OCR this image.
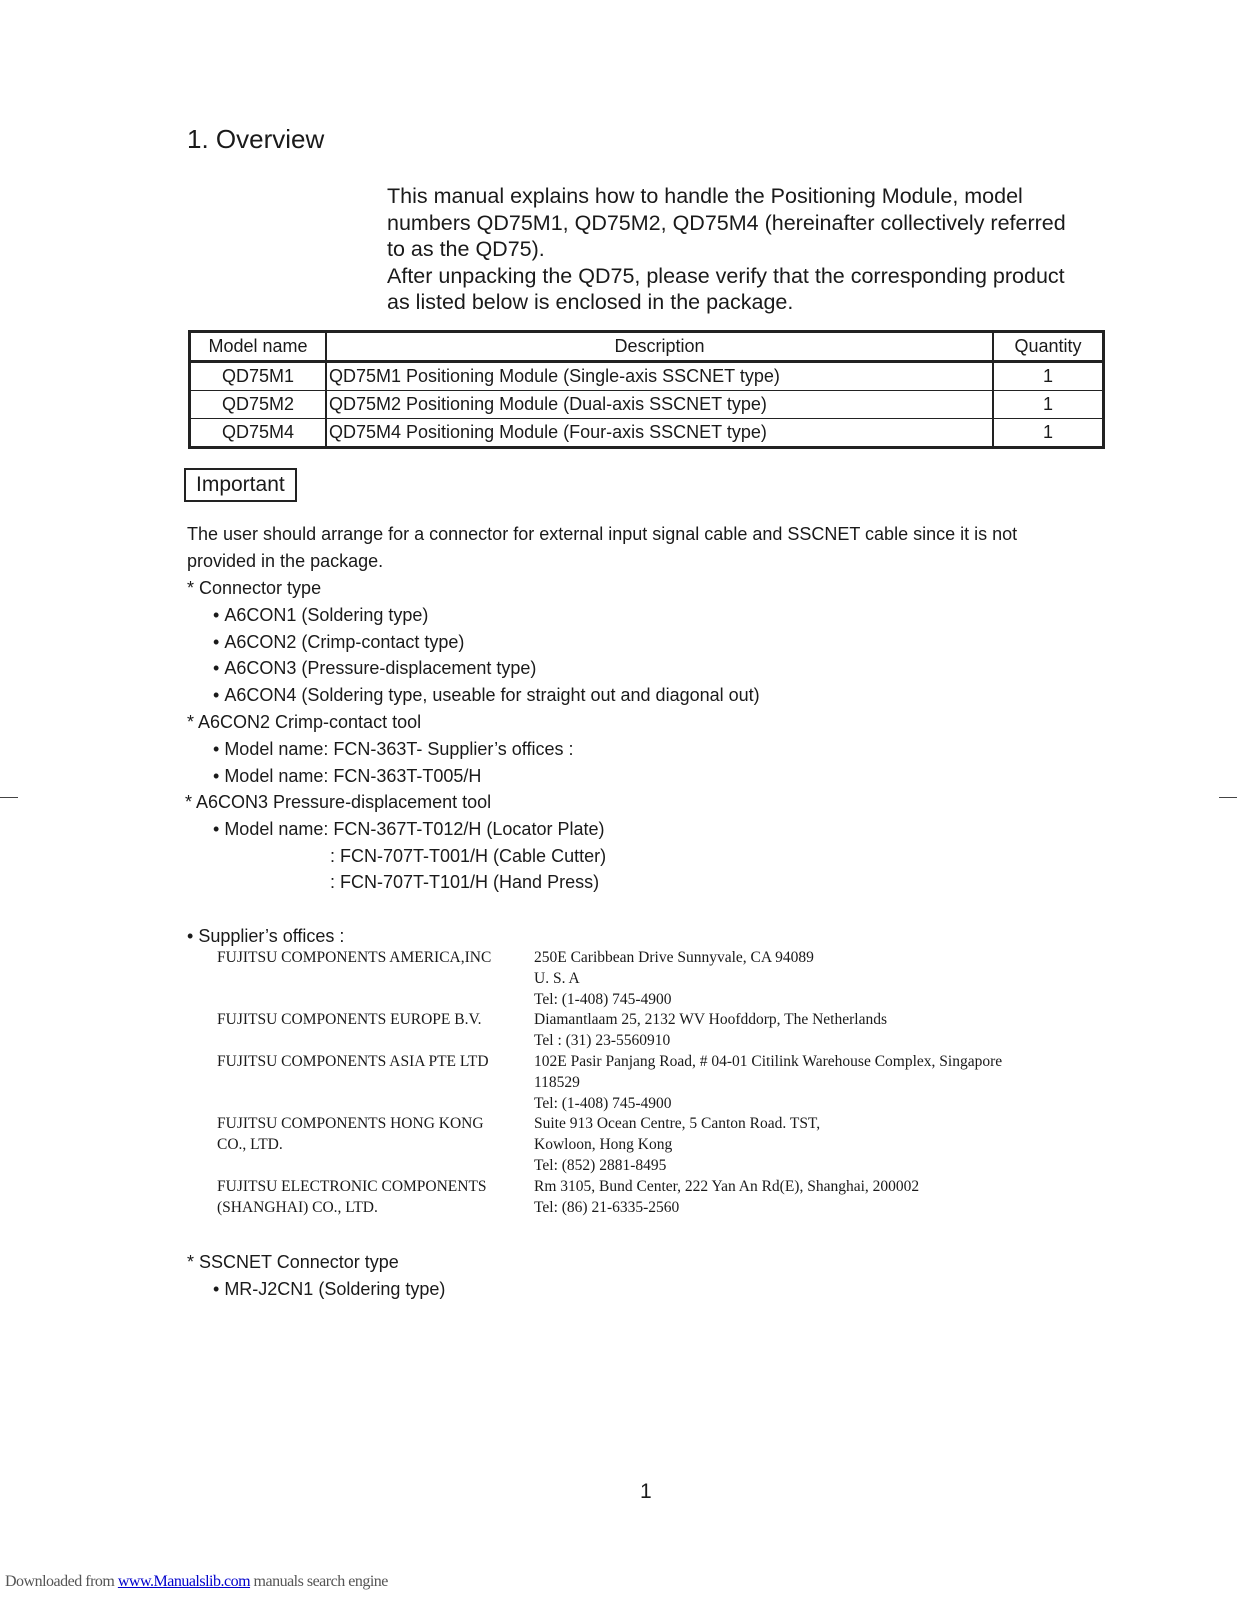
1. Overview
This manual explains how to handle the Positioning Module, model
numbers QD75M1, QD75M2, QD75M4 (hereinafter collectively referred
to as the QD75).
After unpacking the QD75, please verify that the corresponding product
as listed below is enclosed in the package.
Model name	Description	Quantity
QD75M1	QD75M1 Positioning Module (Single-axis SSCNET type)	1
QD75M2	QD75M2 Positioning Module (Dual-axis SSCNET type)	1
QD75M4	QD75M4 Positioning Module (Four-axis SSCNET type)	1
Important
The user should arrange for a connector for external input signal cable and SSCNET cable since it is not
provided in the package.
* Connector type
• A6CON1 (Soldering type)
• A6CON2 (Crimp-contact type)
• A6CON3 (Pressure-displacement type)
• A6CON4 (Soldering type, useable for straight out and diagonal out)
* A6CON2 Crimp-contact tool
• Model name: FCN-363T- Supplier’s offices :
• Model name: FCN-363T-T005/H
* A6CON3 Pressure-displacement tool
• Model name: FCN-367T-T012/H (Locator Plate)
: FCN-707T-T001/H (Cable Cutter)
: FCN-707T-T101/H (Hand Press)
• Supplier’s offices :
FUJITSU COMPONENTS AMERICA,INC	250E Caribbean Drive Sunnyvale, CA 94089
U. S. A
Tel: (1-408) 745-4900
FUJITSU COMPONENTS EUROPE B.V.	Diamantlaam 25, 2132 WV Hoofddorp, The Netherlands
Tel : (31) 23-5560910
FUJITSU COMPONENTS ASIA PTE LTD	102E Pasir Panjang Road, # 04-01 Citilink Warehouse Complex, Singapore
118529
Tel: (1-408) 745-4900
FUJITSU COMPONENTS HONG KONG	Suite 913 Ocean Centre, 5 Canton Road. TST,
CO., LTD.	Kowloon, Hong Kong
Tel: (852) 2881-8495
FUJITSU ELECTRONIC COMPONENTS	Rm 3105, Bund Center, 222 Yan An Rd(E), Shanghai, 200002
(SHANGHAI) CO., LTD.	Tel: (86) 21-6335-2560
* SSCNET Connector type
• MR-J2CN1 (Soldering type)
1
Downloaded from www.Manualslib.com manuals search engine
